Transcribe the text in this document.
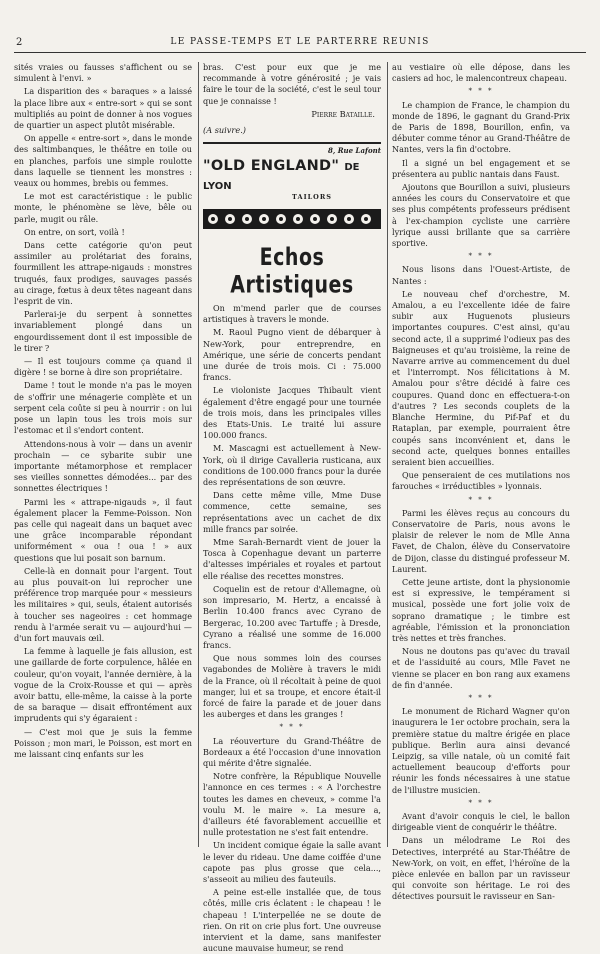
2	LE PASSE-TEMPS ET LE PARTERRE REUNIS

sités vraies ou fausses s'affichent ou se simulent à l'envi. »

La disparition des « baraques » a laissé la place libre aux « entre-sort » qui se sont multipliés au point de donner à nos vogues de quartier un aspect plutôt misérable.

On appelle « entre-sort », dans le monde des saltimbanques, le théâtre en toile ou en planches, parfois une simple roulotte dans laquelle se tiennent les monstres : veaux ou hommes, brebis ou femmes.

Le mot est caractéristique : le public monte, le phénomène se lève, bêle ou parle, mugit ou râle.

On entre, on sort, voilà !

Dans cette catégorie qu'on peut assimiler au prolétariat des forains, fourmillent les attrape-nigauds : monstres truqués, faux prodiges, sauvages passés au cirage, fœtus à deux têtes nageant dans l'esprit de vin.

Parlerai-je du serpent à sonnettes invariablement plongé dans un engourdissement dont il est impossible de le tirer ?

— Il est toujours comme ça quand il digère ! se borne à dire son propriétaire.

Dame ! tout le monde n'a pas le moyen de s'offrir une ménagerie complète et un serpent cela coûte si peu à nourrir : on lui pose un lapin tous les trois mois sur l'estomac et il s'endort content.

Attendons-nous à voir — dans un avenir prochain — ce sybarite subir une importante métamorphose et remplacer ses vieilles sonnettes démodées... par des sonnettes électriques !

Parmi les « attrape-nigauds », il faut également placer la Femme-Poisson. Non pas celle qui nageait dans un baquet avec une grâce incomparable répondant uniformément « oua ! oua ! » aux questions que lui posait son barnum.

Celle-là en donnait pour l'argent. Tout au plus pouvait-on lui reprocher une préférence trop marquée pour « messieurs les militaires » qui, seuls, étaient autorisés à toucher ses nageoires : cet hommage rendu à l'armée serait vu — aujourd'hui — d'un fort mauvais œil.

La femme à laquelle je fais allusion, est une gaillarde de forte corpulence, hâlée en couleur, qu'on voyait, l'année dernière, à la vogue de la Croix-Rousse et qui — après avoir battu, elle-même, la caisse à la porte de sa baraque — disait effrontément aux imprudents qui s'y égaraient :

— C'est moi que je suis la femme Poisson ; mon mari, le Poisson, est mort en me laissant cinq enfants sur les

bras. C'est pour eux que je me recommande à votre générosité ; je vais faire le tour de la société, c'est le seul tour que je connaisse !

Pierre Bataille.

(A suivre.)

8, Rue Lafont
"OLD ENGLAND" DE LYON
TAILORS
Echos Artistiques

On m'mend parler que de courses artistiques à travers le monde.

M. Raoul Pugno vient de débarquer à New-York, pour entreprendre, en Amérique, une série de concerts pendant une durée de trois mois. Ci : 75.000 francs.

Le violoniste Jacques Thibault vient également d'être engagé pour une tournée de trois mois, dans les principales villes des Etats-Unis. Le traité lui assure 100.000 francs.

M. Mascagni est actuellement à New-York, où il dirige Cavalleria rusticana, aux conditions de 100.000 francs pour la durée des représentations de son œuvre.

Dans cette même ville, Mme Duse commence, cette semaine, ses représentations avec un cachet de dix mille francs par soirée.

Mme Sarah-Bernardt vient de jouer la Tosca à Copenhague devant un parterre d'altesses impériales et royales et partout elle réalise des recettes monstres.

Coquelin est de retour d'Allemagne, où son impresario, M. Hertz, a encaissé à Berlin 10.400 francs avec Cyrano de Bergerac, 10.200 avec Tartuffe ; à Dresde, Cyrano a réalisé une somme de 16.000 francs.

Que nous sommes loin des courses vagabondes de Molière à travers le midi de la France, où il récoltait à peine de quoi manger, lui et sa troupe, et encore était-il forcé de faire la parade et de jouer dans les auberges et dans les granges !

* * *

La réouverture du Grand-Théâtre de Bordeaux a été l'occasion d'une innovation qui mérite d'être signalée.

Notre confrère, la République Nouvelle l'annonce en ces termes : « A l'orchestre toutes les dames en cheveux, » comme l'a voulu M. le maire ». La mesure a, d'ailleurs été favorablement accueillie et nulle protestation ne s'est fait entendre.

Un incident comique égaie la salle avant le lever du rideau. Une dame coiffée d'une capote pas plus grosse que cela..., s'asseoit au milieu des fauteuils.

A peine est-elle installée que, de tous côtés, mille cris éclatent : le chapeau ! le chapeau ! L'interpellée ne se doute de rien. On rit on crie plus fort. Une ouvreuse intervient et la dame, sans manifester aucune mauvaise humeur, se rend

au vestiaire où elle dépose, dans les casiers ad hoc, le malencontreux chapeau.

* * *

Le champion de France, le champion du monde de 1896, le gagnant du Grand-Prix de Paris de 1898, Bourillon, enfin, va débuter comme ténor au Grand-Théâtre de Nantes, vers la fin d'octobre.

Il a signé un bel engagement et se présentera au public nantais dans Faust.

Ajoutons que Bourillon a suivi, plusieurs années les cours du Conservatoire et que ses plus compétents professeurs prédisent à l'ex-champion cycliste une carrière lyrique aussi brillante que sa carrière sportive.

* * *

Nous lisons dans l'Ouest-Artiste, de Nantes :

Le nouveau chef d'orchestre, M. Amalou, a eu l'excellente idée de faire subir aux Huguenots plusieurs importantes coupures. C'est ainsi, qu'au second acte, il a supprimé l'odieux pas des Baigneuses et qu'au troisième, la reine de Navarre arrive au commencement du duel et l'interrompt. Nos félicitations à M. Amalou pour s'être décidé à faire ces coupures. Quand donc en effectuera-t-on d'autres ? Les seconds couplets de la Blanche Hermine, du Pif-Paf et du Rataplan, par exemple, pourraient être coupés sans inconvénient et, dans le second acte, quelques bonnes entailles seraient bien accueillies.

Que penseraient de ces mutilations nos farouches « irréductibles » lyonnais.

* * *

Parmi les élèves reçus au concours du Conservatoire de Paris, nous avons le plaisir de relever le nom de Mlle Anna Favet, de Chalon, élève du Conservatoire de Dijon, classe du distingué professeur M. Laurent.

Cette jeune artiste, dont la physionomie est si expressive, le tempérament si musical, possède une fort jolie voix de soprano dramatique ; le timbre est agréable, l'émission et la prononciation très nettes et très franches.

Nous ne doutons pas qu'avec du travail et de l'assiduité au cours, Mlle Favet ne vienne se placer en bon rang aux examens de fin d'année.

* * *

Le monument de Richard Wagner qu'on inaugurera le 1er octobre prochain, sera la première statue du maître érigée en place publique. Berlin aura ainsi devancé Leipzig, sa ville natale, où un comité fait actuellement beaucoup d'efforts pour réunir les fonds nécessaires à une statue de l'illustre musicien.

* * *

Avant d'avoir conquis le ciel, le ballon dirigeable vient de conquérir le théâtre.

Dans un mélodrame Le Roi des Detectives, interprété au Star-Théâtre de New-York, on voit, en effet, l'héroïne de la pièce enlevée en ballon par un ravisseur qui convoite son héritage. Le roi des détectives poursuit le ravisseur en San-
